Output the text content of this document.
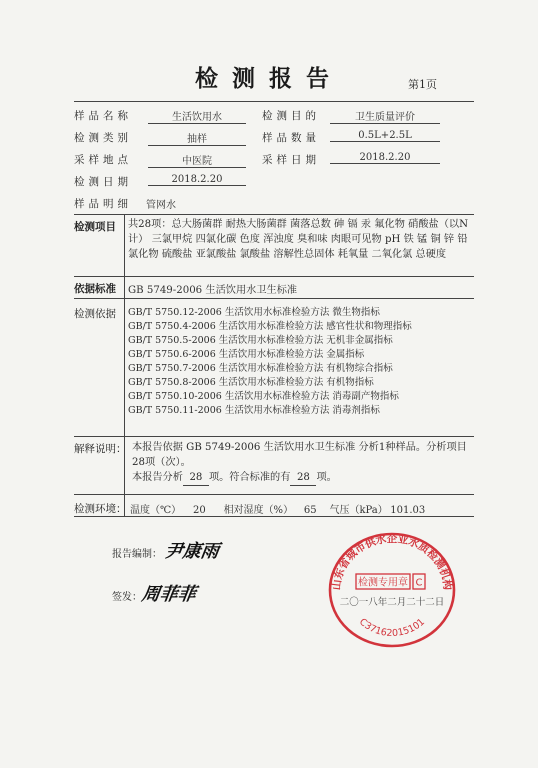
检测报告	第1页
样品名称	生活饮用水	检测目的	卫生质量评价
检测类别	抽样	样品数量	0.5L+2.5L
采样地点	中医院	采样日期	2018.2.20
检测日期	2018.2.20
样品明细 管网水
检测项目 共28项：总大肠菌群 耐热大肠菌群 菌落总数 砷 镉 汞 氟化物 硝酸盐（以N计） 三氯甲烷 四氯化碳 色度 浑浊度 臭和味 肉眼可见物 pH 铁 锰 铜 锌 铅 氯化物 硫酸盐 亚氯酸盐 氯酸盐 溶解性总固体 耗氧量 二氧化氯 总硬度
依据标准 GB 5749-2006 生活饮用水卫生标准
检测依据 GB/T 5750.12-2006 生活饮用水标准检验方法 微生物指标
GB/T 5750.4-2006 生活饮用水标准检验方法 感官性状和物理指标
GB/T 5750.5-2006 生活饮用水标准检验方法 无机非金属指标
GB/T 5750.6-2006 生活饮用水标准检验方法 金属指标
GB/T 5750.7-2006 生活饮用水标准检验方法 有机物综合指标
GB/T 5750.8-2006 生活饮用水标准检验方法 有机物指标
GB/T 5750.10-2006 生活饮用水标准检验方法 消毒副产物指标
GB/T 5750.11-2006 生活饮用水标准检验方法 消毒剂指标
解释说明： 本报告依据 GB 5749-2006 生活饮用水卫生标准 分析1种样品。分析项目28项（次）。
本报告分析 28 项。符合标准的有 28 项。
检测环境： 温度（℃） 20 相对湿度（%） 65 气压（kPa） 101.03
报告编制： 尹康雨
签发：
周菲菲	山东省城市供水企业水质检测机构
检测专用章 C
二〇一八年二月二十二日
C37162015101
